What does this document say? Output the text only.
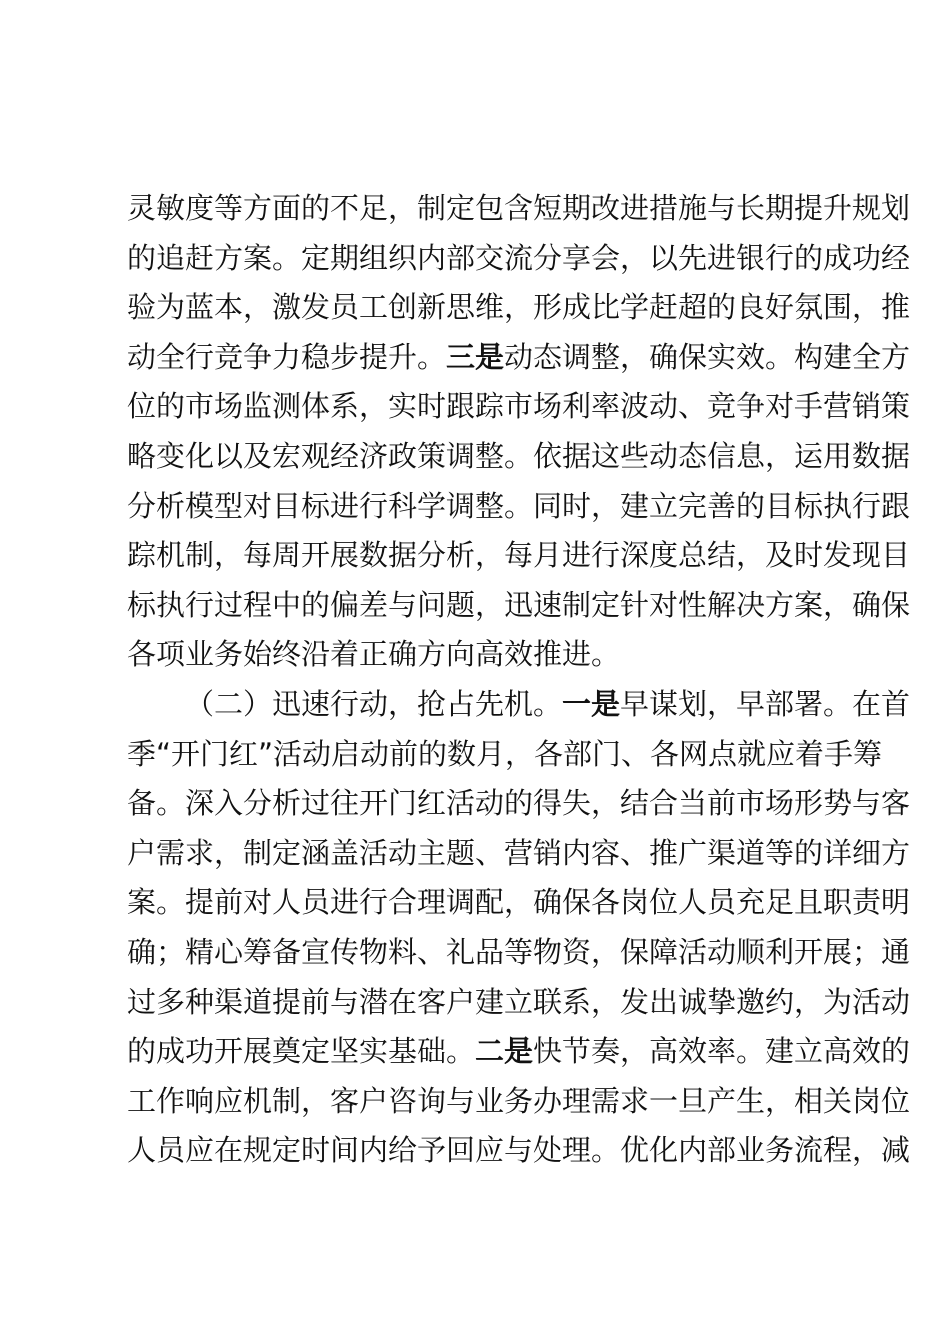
灵敏度等方面的不足，制定包含短期改进措施与长期提升规划
的追赶方案。定期组织内部交流分享会，以先进银行的成功经
验为蓝本，激发员工创新思维，形成比学赶超的良好氛围，推
动全行竞争力稳步提升。三是动态调整，确保实效。构建全方
位的市场监测体系，实时跟踪市场利率波动、竞争对手营销策
略变化以及宏观经济政策调整。依据这些动态信息，运用数据
分析模型对目标进行科学调整。同时，建立完善的目标执行跟
踪机制，每周开展数据分析，每月进行深度总结，及时发现目
标执行过程中的偏差与问题，迅速制定针对性解决方案，确保
各项业务始终沿着正确方向高效推进。
（二）迅速行动，抢占先机。一是早谋划，早部署。在首
季“开门红”活动启动前的数月，各部门、各网点就应着手筹
备。深入分析过往开门红活动的得失，结合当前市场形势与客
户需求，制定涵盖活动主题、营销内容、推广渠道等的详细方
案。提前对人员进行合理调配，确保各岗位人员充足且职责明
确；精心筹备宣传物料、礼品等物资，保障活动顺利开展；通
过多种渠道提前与潜在客户建立联系，发出诚挚邀约，为活动
的成功开展奠定坚实基础。二是快节奏，高效率。建立高效的
工作响应机制，客户咨询与业务办理需求一旦产生，相关岗位
人员应在规定时间内给予回应与处理。优化内部业务流程，减
